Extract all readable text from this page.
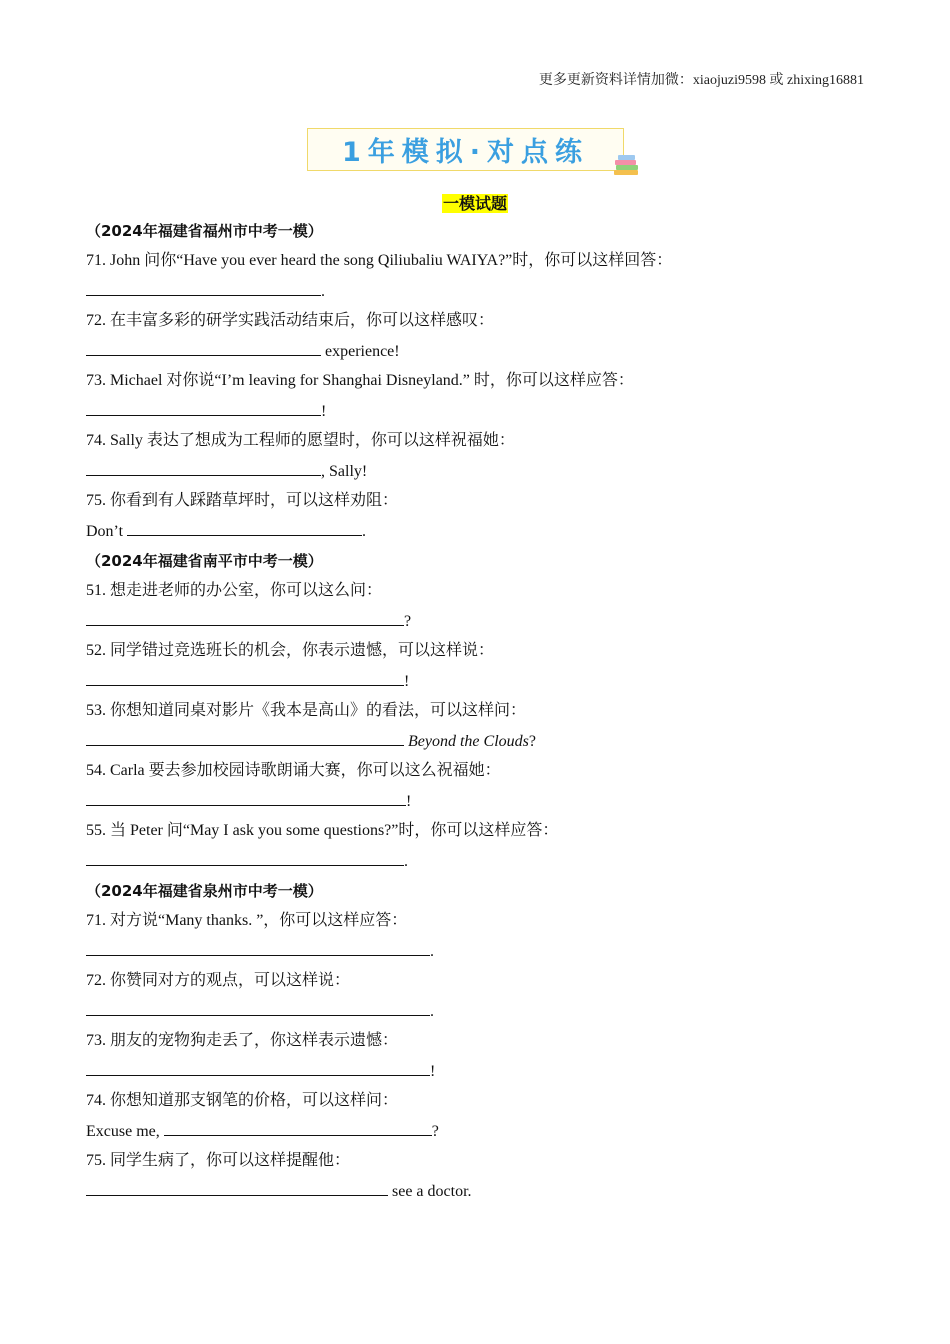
更多更新资料详情加微：xiaojuzi9598 或 zhixing16881
1年模拟·对点练
一模试题
（2024年福建省福州市中考一模）
71. John 问你“Have you ever heard the song Qiliubaliu WAIYA?”时，你可以这样回答：
.
72. 在丰富多彩的研学实践活动结束后，你可以这样感叹：
experience!
73. Michael 对你说“I’m leaving for Shanghai Disneyland.” 时，你可以这样应答：
!
74. Sally 表达了想成为工程师的愿望时，你可以这样祝福她：
, Sally!
75. 你看到有人踩踏草坪时，可以这样劝阻：
Don’t	.
（2024年福建省南平市中考一模）
51. 想走进老师的办公室，你可以这么问：
?
52. 同学错过竞选班长的机会，你表示遗憾，可以这样说：
!
53. 你想知道同桌对影片《我本是高山》的看法，可以这样问：
Beyond the Clouds?
54. Carla 要去参加校园诗歌朗诵大赛，你可以这么祝福她：
!
55. 当 Peter 问“May I ask you some questions?”时，你可以这样应答：
.
（2024年福建省泉州市中考一模）
71. 对方说“Many thanks. ”，你可以这样应答：
.
72. 你赞同对方的观点，可以这样说：
.
73. 朋友的宠物狗走丢了，你这样表示遗憾：
!
74. 你想知道那支钢笔的价格，可以这样问：
Excuse me,	?
75. 同学生病了，你可以这样提醒他：
see a doctor.
